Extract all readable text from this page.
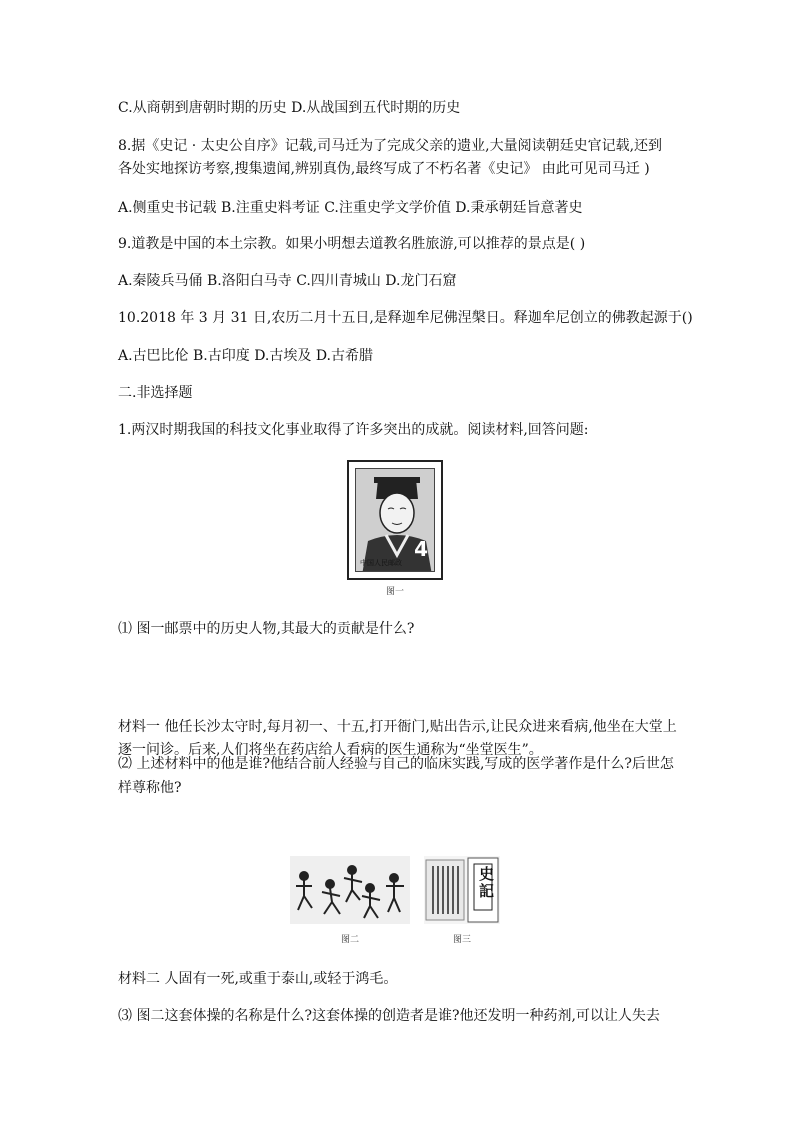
C.从商朝到唐朝时期的历史 D.从战国到五代时期的历史
8.据《史记 · 太史公自序》记载,司马迁为了完成父亲的遗业,大量阅读朝廷史官记载,还到
各处实地探访考察,搜集遗闻,辨别真伪,最终写成了不朽名著《史记》 由此可见司马迁 )
A.侧重史书记载 B.注重史料考证 C.注重史学文学价值 D.秉承朝廷旨意著史
9.道教是中国的本土宗教。如果小明想去道教名胜旅游,可以推荐的景点是( )
A.秦陵兵马俑 B.洛阳白马寺 C.四川青城山 D.龙门石窟
10.2018 年 3 月 31 日,农历二月十五日,是释迦牟尼佛涅槃日。释迦牟尼创立的佛教起源于()
A.古巴比伦 B.古印度 D.古埃及 D.古希腊
二.非选择题
1.两汉时期我国的科技文化事业取得了许多突出的成就。阅读材料,回答问题:
4
中国人民邮政
图一
⑴ 图一邮票中的历史人物,其最大的贡献是什么?
材料一 他任长沙太守时,每月初一、十五,打开衙门,贴出告示,让民众进来看病,他坐在大堂上逐一问诊。后来,人们将坐在药店给人看病的医生通称为“坐堂医生”。
⑵ 上述材料中的他是谁?他结合前人经验与自己的临床实践,写成的医学著作是什么?后世怎样尊称他?
图二
史記
图三
材料二 人固有一死,或重于泰山,或轻于鸿毛。
⑶ 图二这套体操的名称是什么?这套体操的创造者是谁?他还发明一种药剂,可以让人失去
